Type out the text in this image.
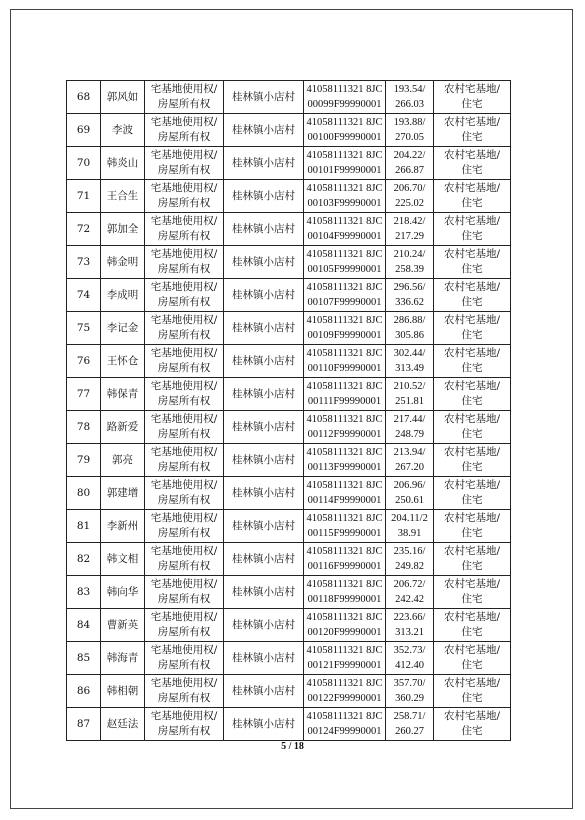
68	郭风如	宅基地使用权/
房屋所有权	桂林镇小店村	41058111321 8JC
00099F99990001	193.54/
266.03	农村宅基地/
住宅
69	李波	宅基地使用权/
房屋所有权	桂林镇小店村	41058111321 8JC
00100F99990001	193.88/
270.05	农村宅基地/
住宅
70	韩炎山	宅基地使用权/
房屋所有权	桂林镇小店村	41058111321 8JC
00101F99990001	204.22/
266.87	农村宅基地/
住宅
71	王合生	宅基地使用权/
房屋所有权	桂林镇小店村	41058111321 8JC
00103F99990001	206.70/
225.02	农村宅基地/
住宅
72	郭加全	宅基地使用权/
房屋所有权	桂林镇小店村	41058111321 8JC
00104F99990001	218.42/
217.29	农村宅基地/
住宅
73	韩金明	宅基地使用权/
房屋所有权	桂林镇小店村	41058111321 8JC
00105F99990001	210.24/
258.39	农村宅基地/
住宅
74	李成明	宅基地使用权/
房屋所有权	桂林镇小店村	41058111321 8JC
00107F99990001	296.56/
336.62	农村宅基地/
住宅
75	李记金	宅基地使用权/
房屋所有权	桂林镇小店村	41058111321 8JC
00109F99990001	286.88/
305.86	农村宅基地/
住宅
76	王怀仓	宅基地使用权/
房屋所有权	桂林镇小店村	41058111321 8JC
00110F99990001	302.44/
313.49	农村宅基地/
住宅
77	韩保青	宅基地使用权/
房屋所有权	桂林镇小店村	41058111321 8JC
00111F99990001	210.52/
251.81	农村宅基地/
住宅
78	路新爱	宅基地使用权/
房屋所有权	桂林镇小店村	41058111321 8JC
00112F99990001	217.44/
248.79	农村宅基地/
住宅
79	郭亮	宅基地使用权/
房屋所有权	桂林镇小店村	41058111321 8JC
00113F99990001	213.94/
267.20	农村宅基地/
住宅
80	郭建增	宅基地使用权/
房屋所有权	桂林镇小店村	41058111321 8JC
00114F99990001	206.96/
250.61	农村宅基地/
住宅
81	李新州	宅基地使用权/
房屋所有权	桂林镇小店村	41058111321 8JC
00115F99990001	204.11/2
38.91	农村宅基地/
住宅
82	韩文相	宅基地使用权/
房屋所有权	桂林镇小店村	41058111321 8JC
00116F99990001	235.16/
249.82	农村宅基地/
住宅
83	韩向华	宅基地使用权/
房屋所有权	桂林镇小店村	41058111321 8JC
00118F99990001	206.72/
242.42	农村宅基地/
住宅
84	曹新英	宅基地使用权/
房屋所有权	桂林镇小店村	41058111321 8JC
00120F99990001	223.66/
313.21	农村宅基地/
住宅
85	韩海青	宅基地使用权/
房屋所有权	桂林镇小店村	41058111321 8JC
00121F99990001	352.73/
412.40	农村宅基地/
住宅
86	韩相朝	宅基地使用权/
房屋所有权	桂林镇小店村	41058111321 8JC
00122F99990001	357.70/
360.29	农村宅基地/
住宅
87	赵廷法	宅基地使用权/
房屋所有权	桂林镇小店村	41058111321 8JC
00124F99990001	258.71/
260.27	农村宅基地/
住宅
5 / 18
